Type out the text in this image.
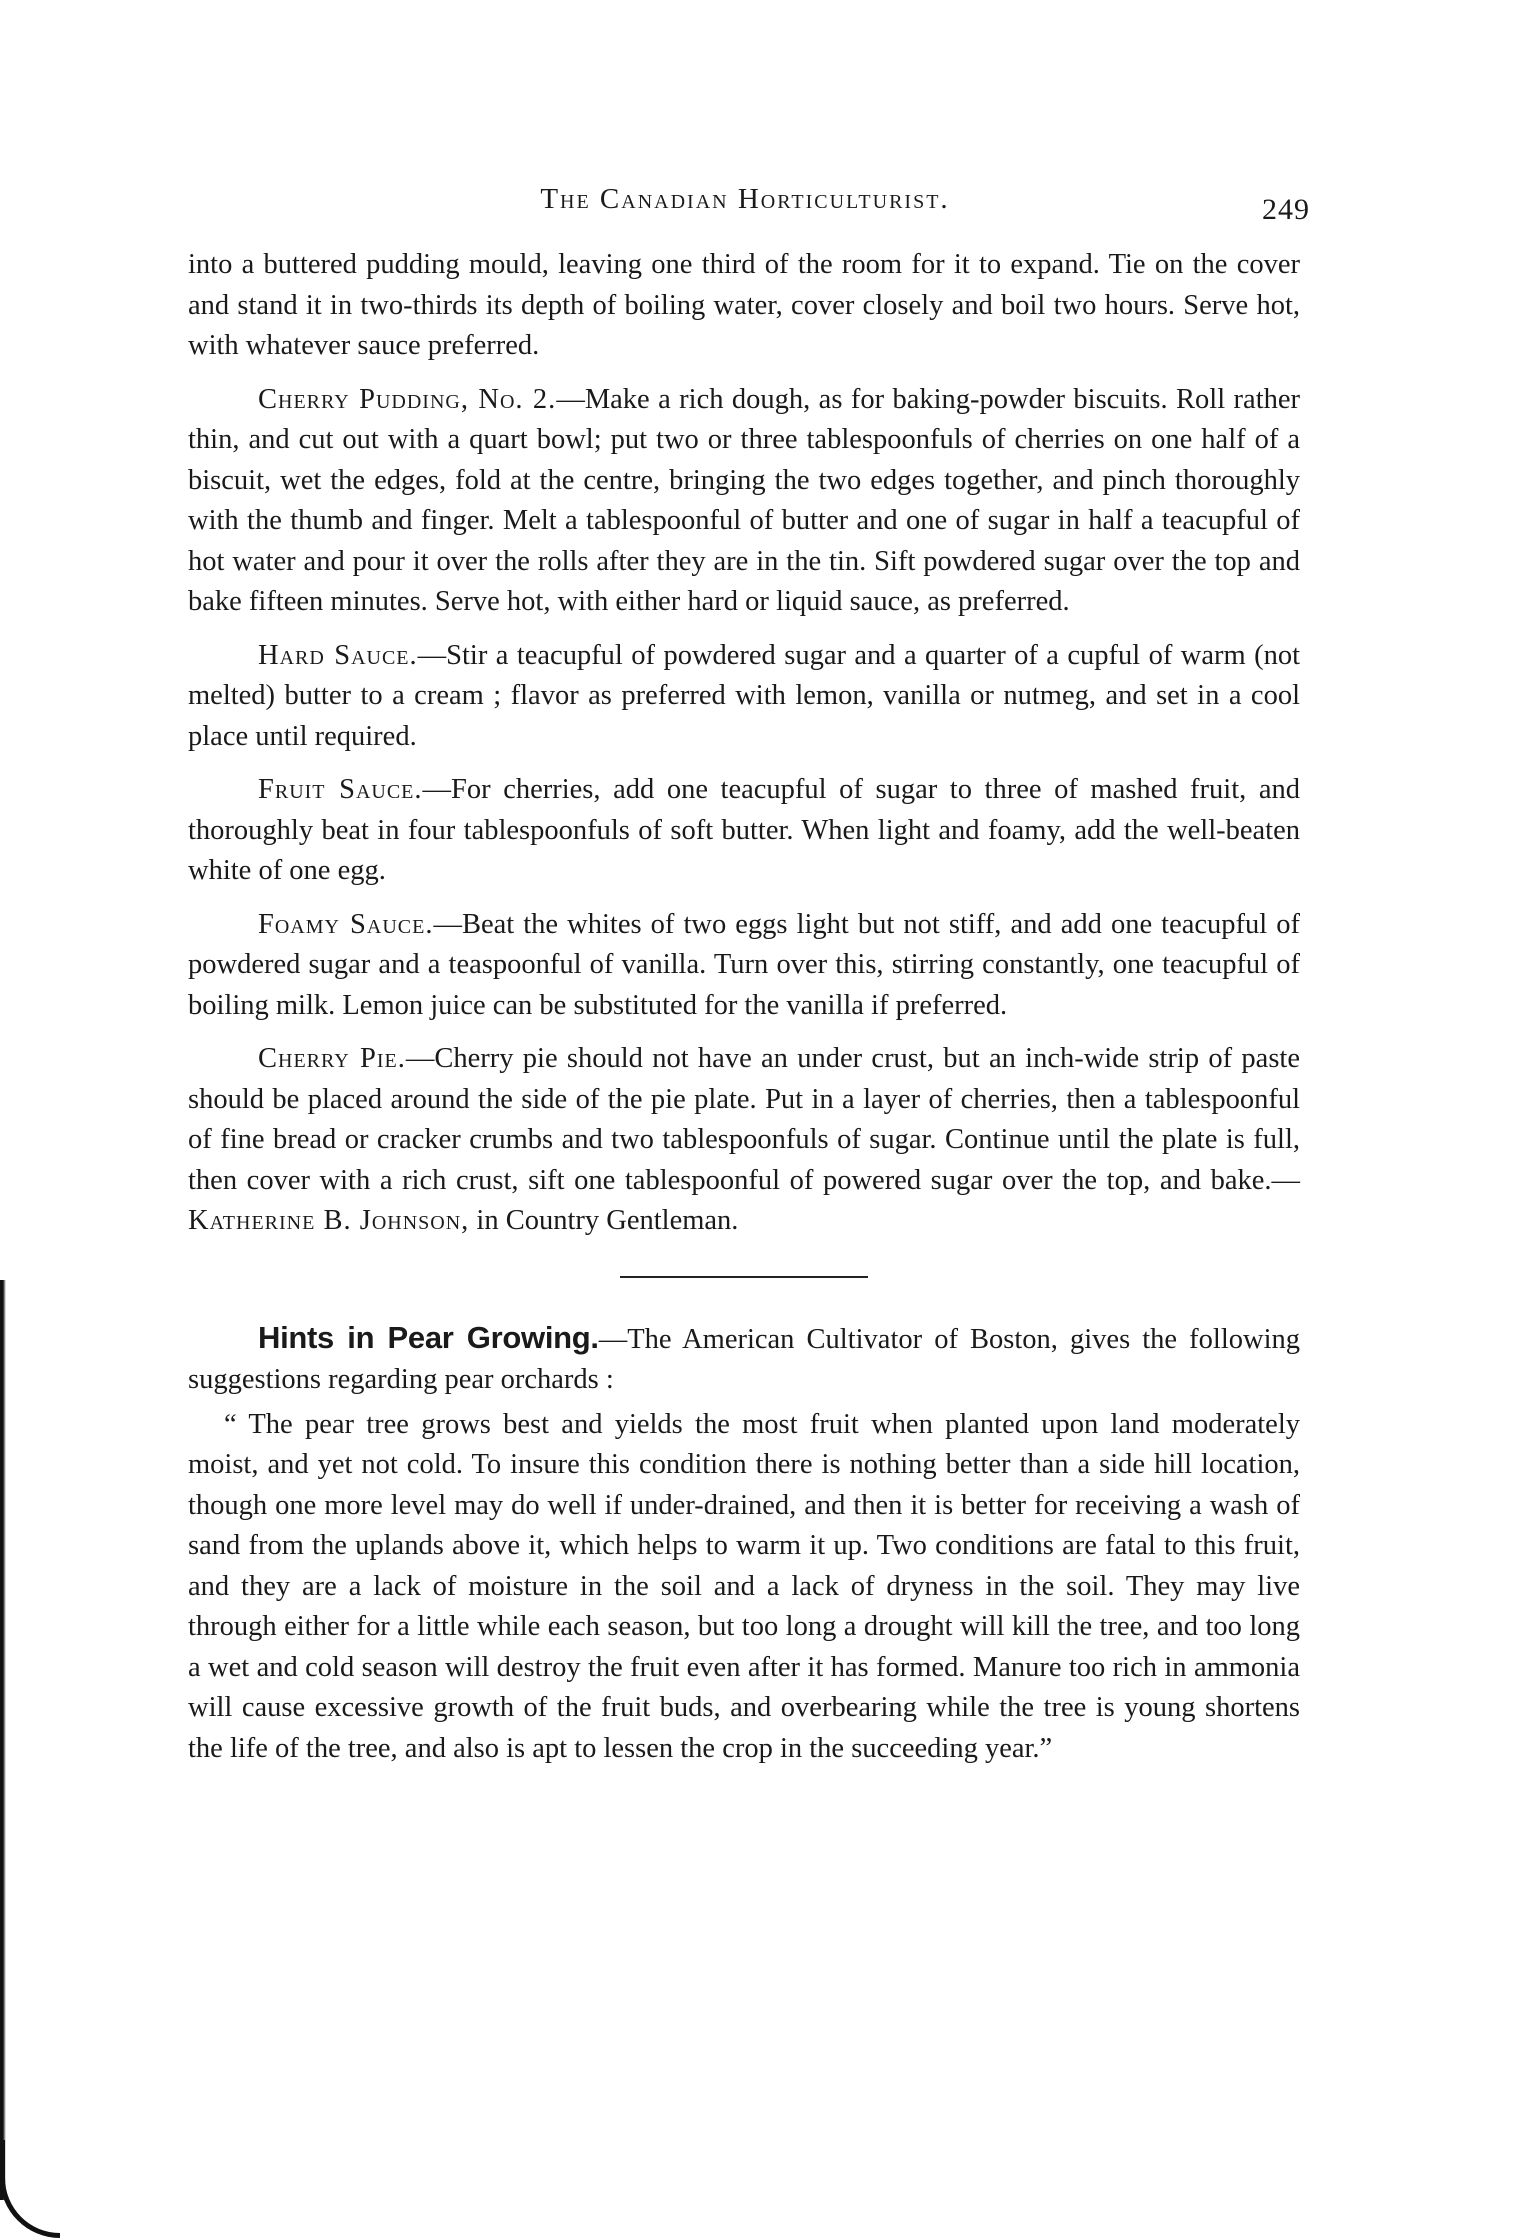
The Canadian Horticulturist.	249

into a buttered pudding mould, leaving one third of the room for it to expand. Tie on the cover and stand it in two-thirds its depth of boiling water, cover closely and boil two hours. Serve hot, with whatever sauce preferred.

Cherry Pudding, No. 2.—Make a rich dough, as for baking-powder biscuits. Roll rather thin, and cut out with a quart bowl; put two or three tablespoonfuls of cherries on one half of a biscuit, wet the edges, fold at the centre, bringing the two edges together, and pinch thoroughly with the thumb and finger. Melt a tablespoonful of butter and one of sugar in half a teacupful of hot water and pour it over the rolls after they are in the tin. Sift powdered sugar over the top and bake fifteen minutes. Serve hot, with either hard or liquid sauce, as preferred.

Hard Sauce.—Stir a teacupful of powdered sugar and a quarter of a cupful of warm (not melted) butter to a cream ; flavor as preferred with lemon, vanilla or nutmeg, and set in a cool place until required.

Fruit Sauce.—For cherries, add one teacupful of sugar to three of mashed fruit, and thoroughly beat in four tablespoonfuls of soft butter. When light and foamy, add the well-beaten white of one egg.

Foamy Sauce.—Beat the whites of two eggs light but not stiff, and add one teacupful of powdered sugar and a teaspoonful of vanilla. Turn over this, stirring constantly, one teacupful of boiling milk. Lemon juice can be substituted for the vanilla if preferred.

Cherry Pie.—Cherry pie should not have an under crust, but an inch-wide strip of paste should be placed around the side of the pie plate. Put in a layer of cherries, then a tablespoonful of fine bread or cracker crumbs and two tablespoonfuls of sugar. Continue until the plate is full, then cover with a rich crust, sift one tablespoonful of powered sugar over the top, and bake.—Katherine B. Johnson, in Country Gentleman.

Hints in Pear Growing.—The American Cultivator of Boston, gives the following suggestions regarding pear orchards :

“ The pear tree grows best and yields the most fruit when planted upon land moderately moist, and yet not cold. To insure this condition there is nothing better than a side hill location, though one more level may do well if under-drained, and then it is better for receiving a wash of sand from the uplands above it, which helps to warm it up. Two conditions are fatal to this fruit, and they are a lack of moisture in the soil and a lack of dryness in the soil. They may live through either for a little while each season, but too long a drought will kill the tree, and too long a wet and cold season will destroy the fruit even after it has formed. Manure too rich in ammonia will cause excessive growth of the fruit buds, and overbearing while the tree is young shortens the life of the tree, and also is apt to lessen the crop in the succeeding year.”
